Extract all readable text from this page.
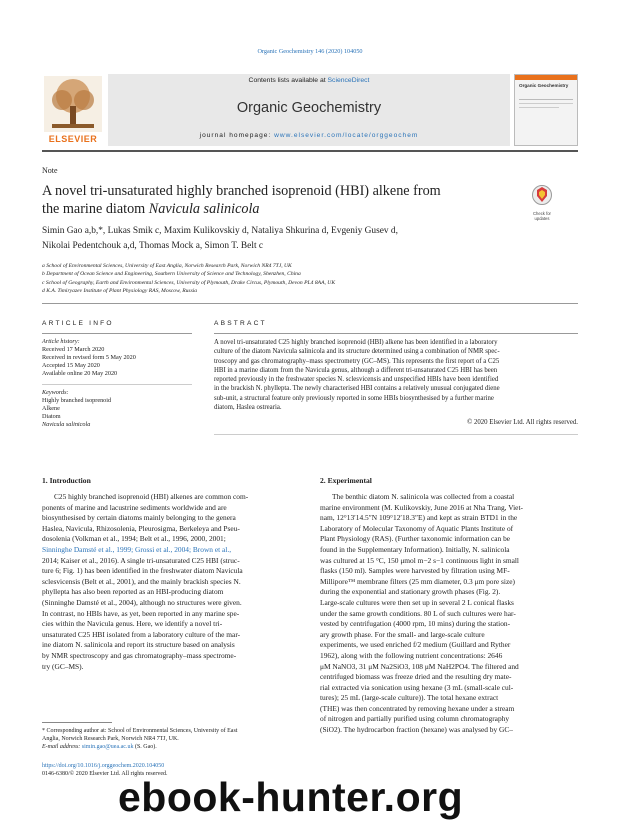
Organic Geochemistry 146 (2020) 104050
ELSEVIER
Contents lists available at ScienceDirect
Organic Geochemistry
journal homepage: www.elsevier.com/locate/orggeochem
Organic Geochemistry
Note
A novel tri-unsaturated highly branched isoprenoid (HBI) alkene from
the marine diatom Navicula salinicola	Check for updates
Simin Gao a,b,*, Lukas Smik c, Maxim Kulikovskiy d, Nataliya Shkurina d, Evgeniy Gusev d,
Nikolai Pedentchouk a,d, Thomas Mock a, Simon T. Belt c
a School of Environmental Sciences, University of East Anglia, Norwich Research Park, Norwich NR4 7TJ, UK
b Department of Ocean Science and Engineering, Southern University of Science and Technology, Shenzhen, China
c School of Geography, Earth and Environmental Sciences, University of Plymouth, Drake Circus, Plymouth, Devon PL4 8AA, UK
d K.A. Timiryazev Institute of Plant Physiology RAS, Moscow, Russia
ARTICLE INFO
Article history:
Received 17 March 2020
Received in revised form 5 May 2020
Accepted 15 May 2020
Available online 20 May 2020
Keywords:
Highly branched isoprenoid
Alkene
Diatom
Navicula salinicola
ABSTRACT
A novel tri-unsaturated C25 highly branched isoprenoid (HBI) alkene has been identified in a laboratory
culture of the diatom Navicula salinicola and its structure determined using a combination of NMR spec-
troscopy and gas chromatography–mass spectrometry (GC–MS). This represents the first report of a C25
HBI in a marine diatom from the Navicula genus, although a different tri-unsaturated C25 HBI has been
reported previously in the freshwater species N. sclesvicensis and unspecified HBIs have been identified
in the brackish N. phyllepta. The newly characterised HBI contains a relatively unusual conjugated diene
sub-unit, a structural feature only previously reported in some HBIs biosynthesised by a further marine
diatom, Haslea ostrearia.
© 2020 Elsevier Ltd. All rights reserved.
1. Introduction
C25 highly branched isoprenoid (HBI) alkenes are common com-
ponents of marine and lacustrine sediments worldwide and are
biosynthesised by certain diatoms mainly belonging to the genera
Haslea, Navicula, Rhizosolenia, Pleurosigma, Berkeleya and Pseu-
dosolenia (Volkman et al., 1994; Belt et al., 1996, 2000, 2001;
Sinninghe Damsté et al., 1999; Grossi et al., 2004; Brown et al.,
2014; Kaiser et al., 2016). A single tri-unsaturated C25 HBI (struc-
ture 6; Fig. 1) has been identified in the freshwater diatom Navicula
sclesvicensis (Belt et al., 2001), and the mainly brackish species N.
phyllepta has also been reported as an HBI-producing diatom
(Sinninghe Damsté et al., 2004), although no structures were given.
In contrast, no HBIs have, as yet, been reported in any marine spe-
cies within the Navicula genus. Here, we identify a novel tri-
unsaturated C25 HBI isolated from a laboratory culture of the mar-
ine diatom N. salinicola and report its structure based on analysis
by NMR spectroscopy and gas chromatography–mass spectrome-
try (GC–MS).
2. Experimental
The benthic diatom N. salinicola was collected from a coastal
marine environment (M. Kulikovskiy, June 2016 at Nha Trang, Viet-
nam, 12°13′14.5″N 109°12′18.3″E) and kept as strain BTD1 in the
Laboratory of Molecular Taxonomy of Aquatic Plants Institute of
Plant Physiology (RAS). (Further taxonomic information can be
found in the Supplementary Information). Initially, N. salinicola
was cultured at 15 °C, 150 μmol m−2 s−1 continuous light in small
flasks (150 ml). Samples were harvested by filtration using MF-
Millipore™ membrane filters (25 mm diameter, 0.3 μm pore size)
during the exponential and stationary growth phases (Fig. 2).
Large-scale cultures were then set up in several 2 L conical flasks
under the same growth conditions. 80 L of such cultures were har-
vested by centrifugation (4000 rpm, 10 mins) during the station-
ary growth phase. For the small- and large-scale culture
experiments, we used enriched f/2 medium (Guillard and Ryther
1962), along with the following nutrient concentrations: 2646
μM NaNO3, 31 μM Na2SiO3, 108 μM NaH2PO4. The filtered and
centrifuged biomass was freeze dried and the resulting dry mate-
rial extracted via sonication using hexane (3 mL (small-scale cul-
tures); 25 mL (large-scale culture)). The total hexane extract
(THE) was then concentrated by removing hexane under a stream
of nitrogen and partially purified using column chromatography
(SiO2). The hydrocarbon fraction (hexane) was analysed by GC–
* Corresponding author at: School of Environmental Sciences, University of East
Anglia, Norwich Research Park, Norwich NR4 7TJ, UK.
E-mail address: simin.gao@uea.ac.uk (S. Gao).
https://doi.org/10.1016/j.orggeochem.2020.104050
0146-6380/© 2020 Elsevier Ltd. All rights reserved.
ebook-hunter.org
